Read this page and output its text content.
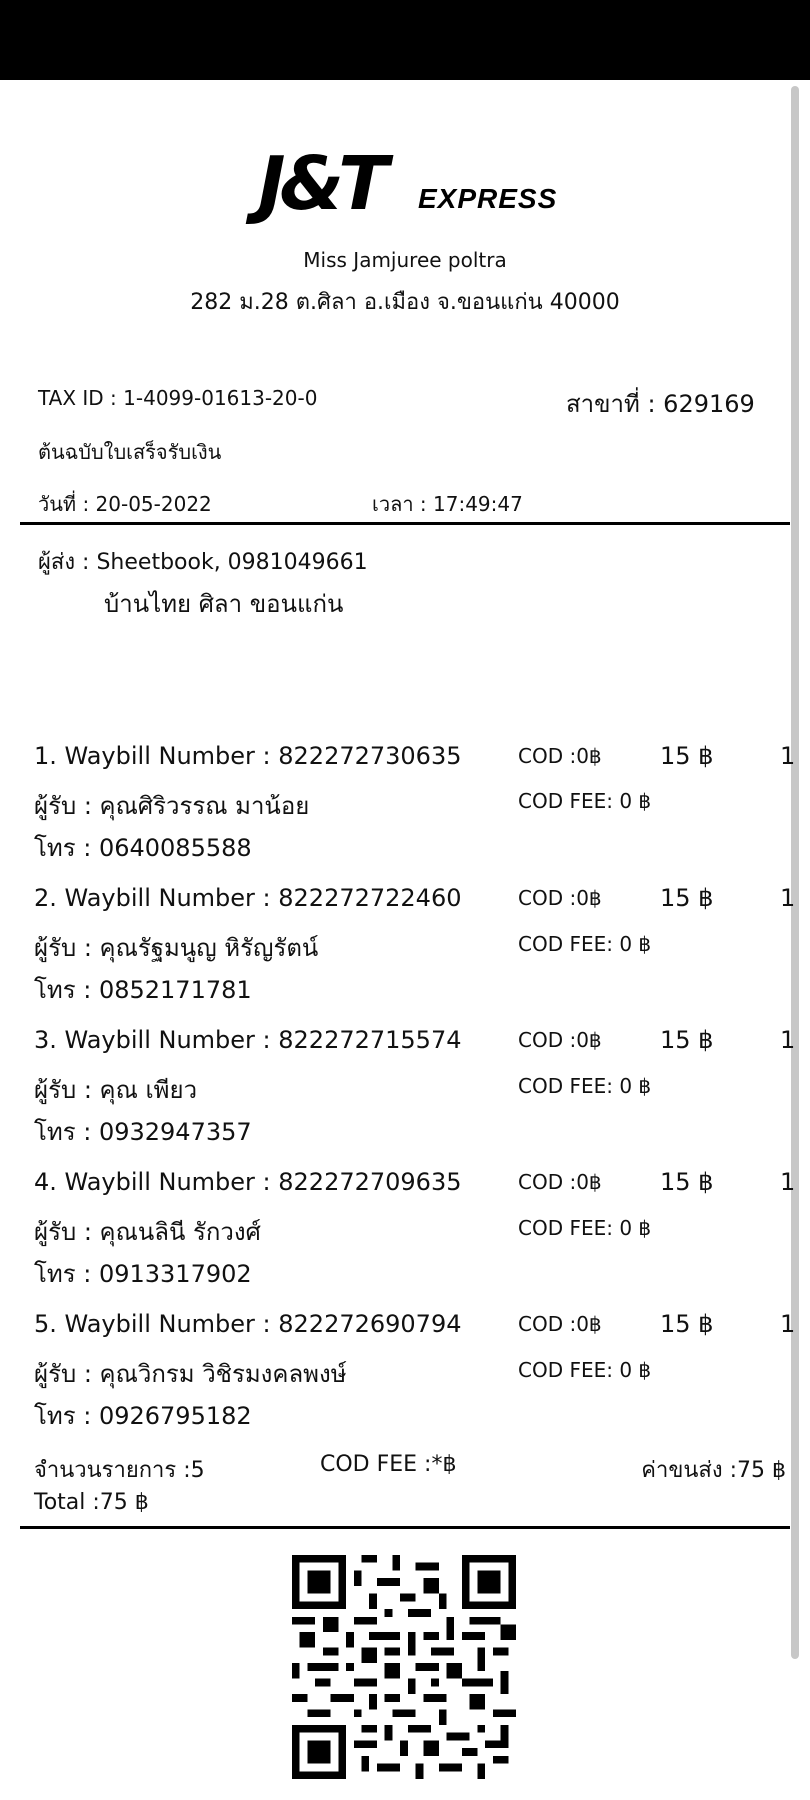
J&T EXPRESS
Miss Jamjuree poltra
282 ม.28 ต.ศิลา อ.เมือง จ.ขอนแก่น 40000
TAX ID : 1-4099-01613-20-0	สาขาที่ : 629169
ต้นฉบับใบเสร็จรับเงิน
วันที่ : 20-05-2022	เวลา : 17:49:47
ผู้ส่ง : Sheetbook, 0981049661
บ้านไทย ศิลา ขอนแก่น
1. Waybill Number : 822272730635	COD :0฿ 15 ฿	1
ผู้รับ : คุณศิริวรรณ มาน้อย	COD FEE: 0 ฿
โทร : 0640085588
2. Waybill Number : 822272722460	COD :0฿ 15 ฿	1
ผู้รับ : คุณรัฐมนูญ หิรัญรัตน์	COD FEE: 0 ฿
โทร : 0852171781
3. Waybill Number : 822272715574	COD :0฿ 15 ฿	1
ผู้รับ : คุณ เพียว	COD FEE: 0 ฿
โทร : 0932947357
4. Waybill Number : 822272709635	COD :0฿ 15 ฿	1
ผู้รับ : คุณนลินี รักวงศ์	COD FEE: 0 ฿
โทร : 0913317902
5. Waybill Number : 822272690794	COD :0฿ 15 ฿	1
ผู้รับ : คุณวิกรม วิชิรมงคลพงษ์	COD FEE: 0 ฿
โทร : 0926795182
จำนวนรายการ :5	COD FEE :*฿	ค่าขนส่ง :75 ฿
Total :75 ฿
